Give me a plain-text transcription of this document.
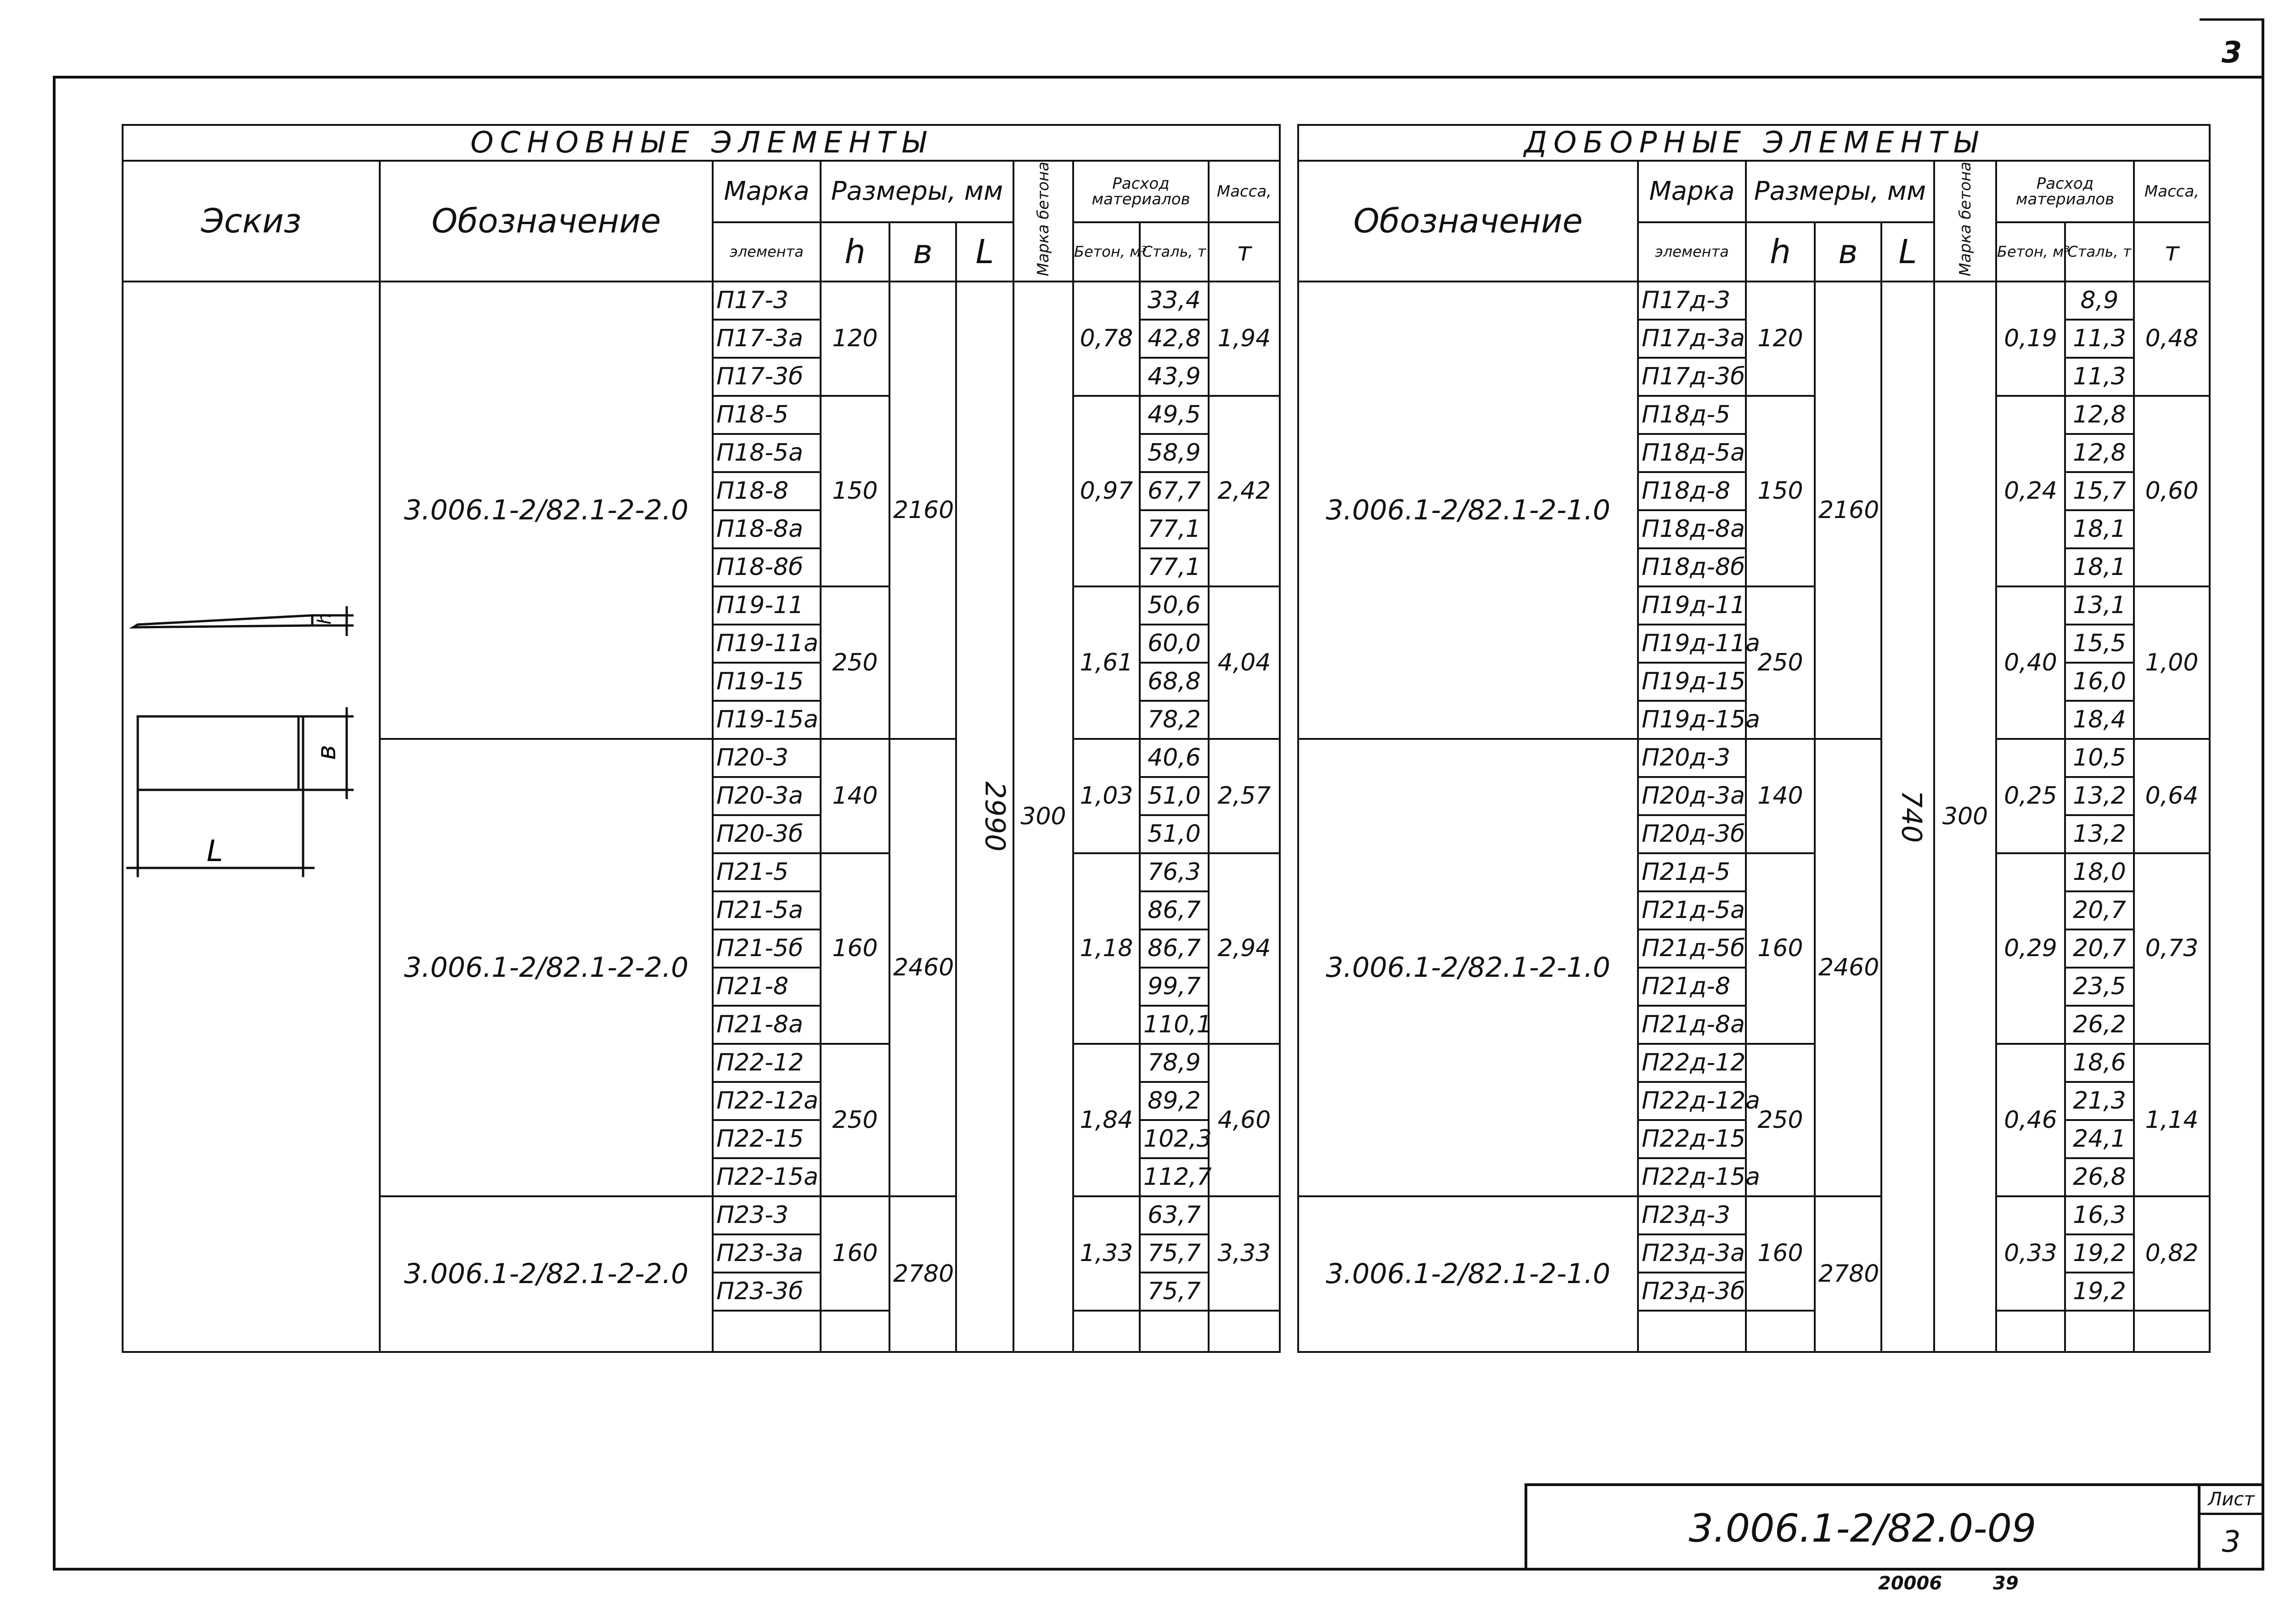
3
ОСНОВНЫЕ ЭЛЕМЕНТЫ									
Эскиз	Обозначение	Марка	Размеры, мм			Марка бетона	Расход
материалов		Масса,
		элемента	h	в	L		Бетон, м³	Сталь, т	т
	3.006.1-2/82.1-2-2.0	П17-3	120	2160	2990	300	0,78	33,4	1,94
		П17-3а						42,8	
		П17-3б						43,9	
		П18-5	150				0,97	49,5	2,42
		П18-5а						58,9	
		П18-8						67,7	
		П18-8а						77,1	
		П18-8б						77,1	
		П19-11	250				1,61	50,6	4,04
		П19-11а						60,0	
		П19-15						68,8	
		П19-15а						78,2	
	3.006.1-2/82.1-2-2.0	П20-3	140	2460			1,03	40,6	2,57
		П20-3а						51,0	
		П20-3б						51,0	
		П21-5	160				1,18	76,3	2,94
		П21-5а						86,7	
		П21-5б						86,7	
		П21-8						99,7	
		П21-8а						110,1	
		П22-12	250				1,84	78,9	4,60
		П22-12а						89,2	
		П22-15						102,3	
		П22-15а						112,7	
	3.006.1-2/82.1-2-2.0	П23-3	160	2780			1,33	63,7	3,33
		П23-3а						75,7	
		П23-3б						75,7	

ДОБОРНЫЕ ЭЛЕМЕНТЫ								
Обозначение	Марка	Размеры, мм			Марка бетона	Расход
материалов		Масса,
	элемента	h	в	L		Бетон, м³	Сталь, т	т
3.006.1-2/82.1-2-1.0	П17д-3	120	2160	740	300	0,19	8,9	0,48
	П17д-3а						11,3	
	П17д-3б						11,3	
	П18д-5	150				0,24	12,8	0,60
	П18д-5а						12,8	
	П18д-8						15,7	
	П18д-8а						18,1	
	П18д-8б						18,1	
	П19д-11	250				0,40	13,1	1,00
	П19д-11а						15,5	
	П19д-15						16,0	
	П19д-15а						18,4	
3.006.1-2/82.1-2-1.0	П20д-3	140	2460			0,25	10,5	0,64
	П20д-3а						13,2	
	П20д-3б						13,2	
	П21д-5	160				0,29	18,0	0,73
	П21д-5а						20,7	
	П21д-5б						20,7	
	П21д-8						23,5	
	П21д-8а						26,2	
	П22д-12	250				0,46	18,6	1,14
	П22д-12а						21,3	
	П22д-15						24,1	
	П22д-15а						26,8	
3.006.1-2/82.1-2-1.0	П23д-3	160	2780			0,33	16,3	0,82
	П23д-3а						19,2	
	П23д-3б						19,2	

h
в
L
3.006.1-2/82.0-09
Лист
3
20006	39
